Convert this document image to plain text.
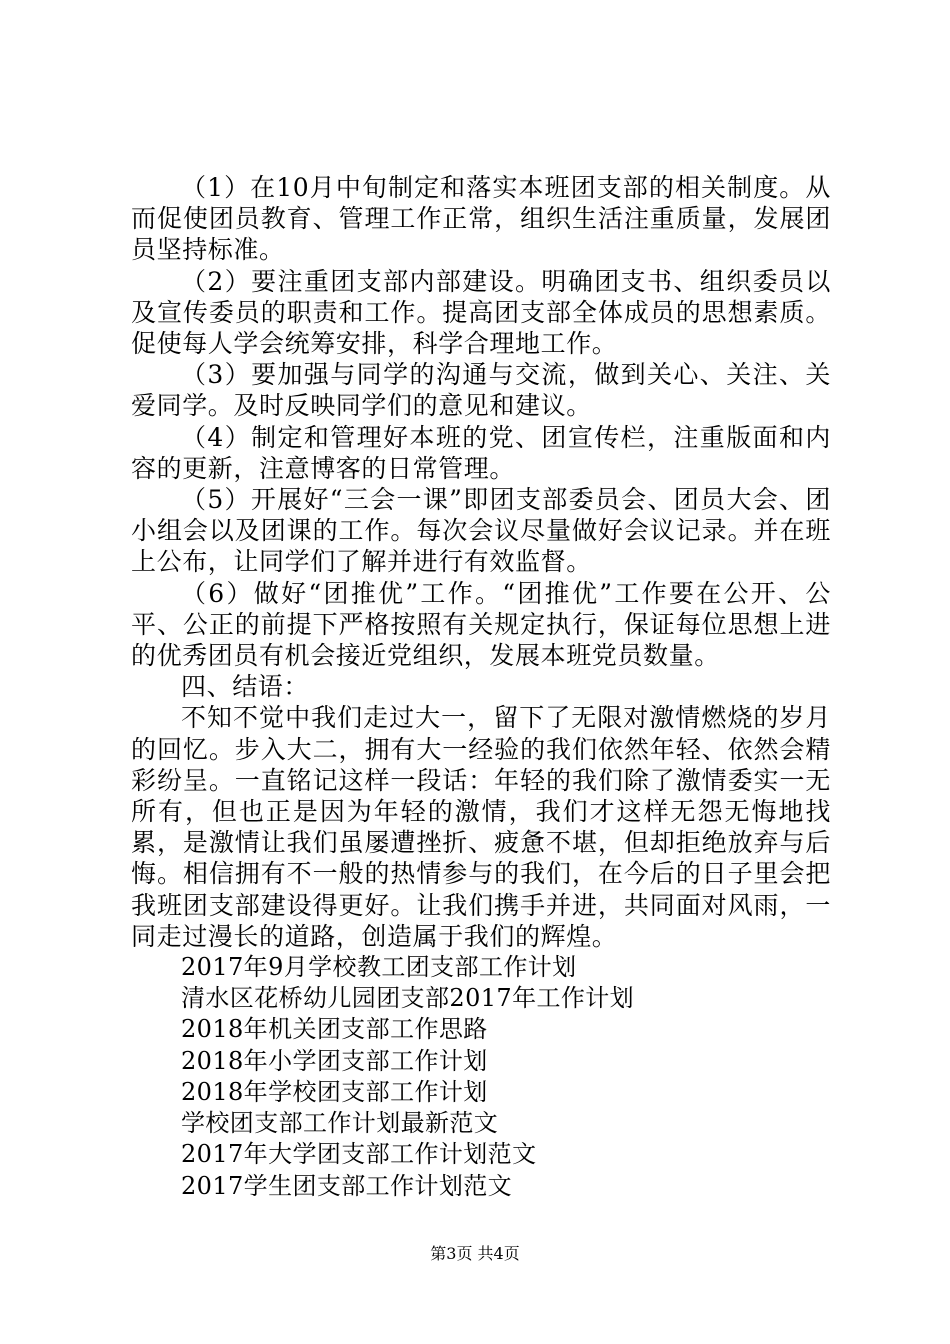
（1）在10月中旬制定和落实本班团支部的相关制度。从而促使团员教育、管理工作正常，组织生活注重质量，发展团员坚持标准。

（2）要注重团支部内部建设。明确团支书、组织委员以及宣传委员的职责和工作。提高团支部全体成员的思想素质。促使每人学会统筹安排，科学合理地工作。

（3）要加强与同学的沟通与交流，做到关心、关注、关爱同学。及时反映同学们的意见和建议。

（4）制定和管理好本班的党、团宣传栏，注重版面和内容的更新，注意博客的日常管理。

（5）开展好“三会一课”即团支部委员会、团员大会、团小组会以及团课的工作。每次会议尽量做好会议记录。并在班上公布，让同学们了解并进行有效监督。

（6）做好“团推优”工作。“团推优”工作要在公开、公平、公正的前提下严格按照有关规定执行，保证每位思想上进的优秀团员有机会接近党组织，发展本班党员数量。

四、结语：

不知不觉中我们走过大一，留下了无限对激情燃烧的岁月的回忆。步入大二，拥有大一经验的我们依然年轻、依然会精彩纷呈。一直铭记这样一段话：年轻的我们除了激情委实一无所有，但也正是因为年轻的激情，我们才这样无怨无悔地找累，是激情让我们虽屡遭挫折、疲惫不堪，但却拒绝放弃与后悔。相信拥有不一般的热情参与的我们，在今后的日子里会把我班团支部建设得更好。让我们携手并进，共同面对风雨，一同走过漫长的道路，创造属于我们的辉煌。

2017年9月学校教工团支部工作计划
清水区花桥幼儿园团支部2017年工作计划
2018年机关团支部工作思路
2018年小学团支部工作计划
2018年学校团支部工作计划
学校团支部工作计划最新范文
2017年大学团支部工作计划范文
2017学生团支部工作计划范文
第3页 共4页
